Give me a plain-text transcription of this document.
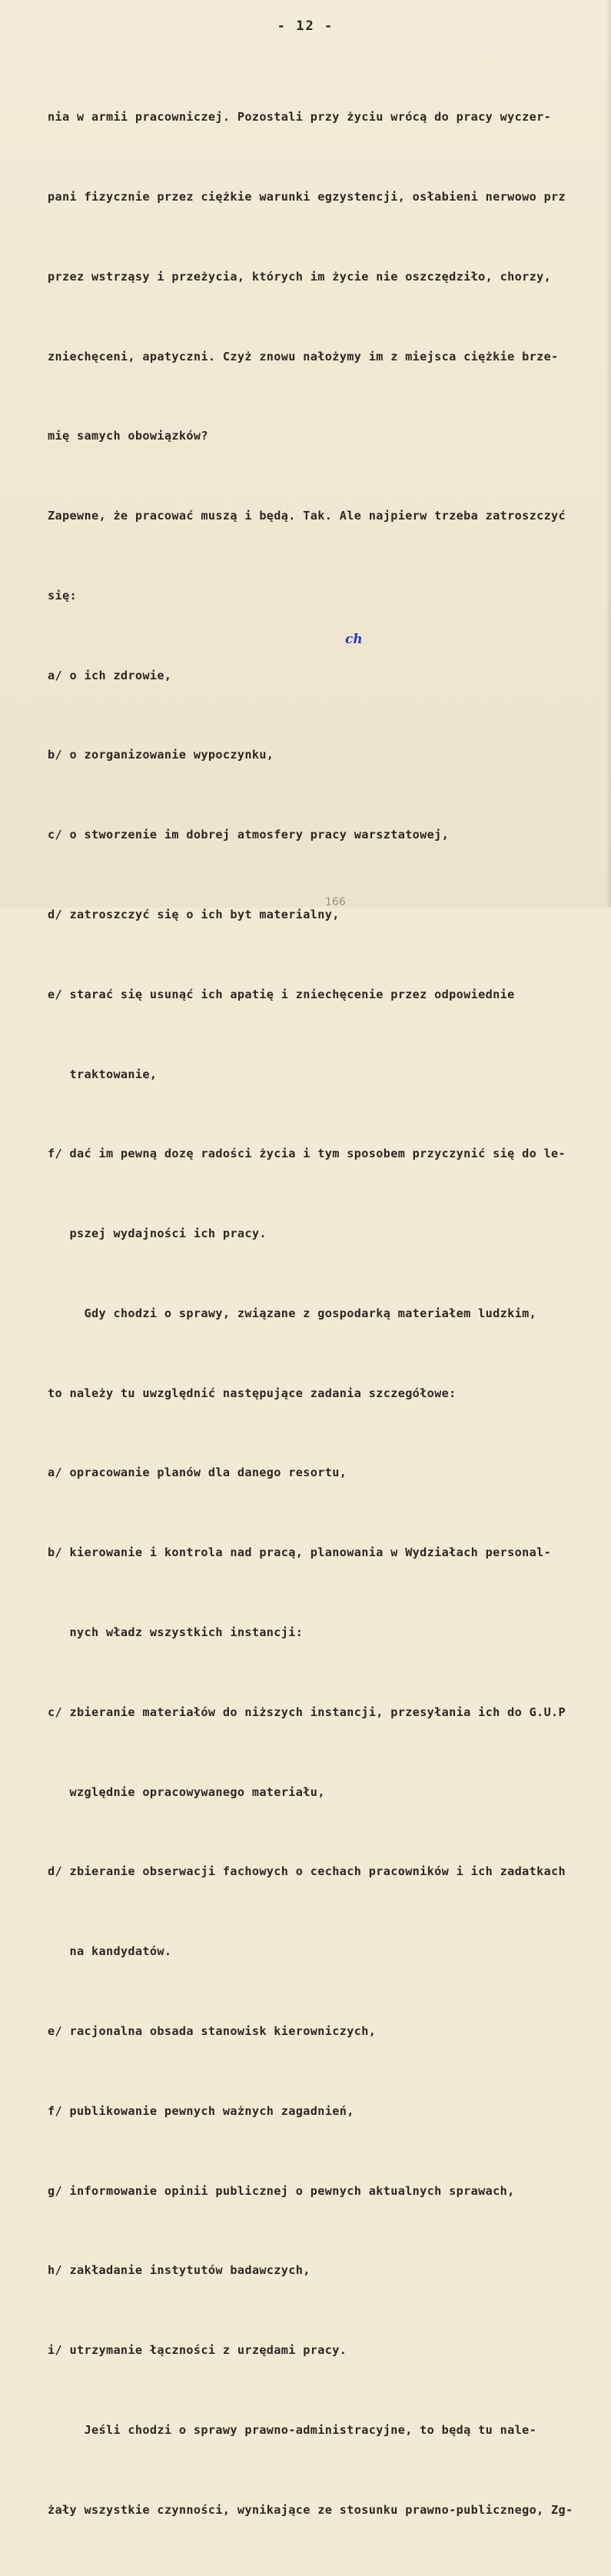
- 12 -

nia w armii pracowniczej. Pozostali przy życiu wrócą do pracy wyczer-

pani fizycznie przez ciężkie warunki egzystencji, osłabieni nerwowo prz

przez wstrząsy i przeżycia, których im życie nie oszczędziło, chorzy,

zniechęceni, apatyczni. Czyż znowu nałożymy im z miejsca ciężkie brze-

mię samych obowiązków?

Zapewne, że pracować muszą i będą. Tak. Ale najpierw trzeba zatroszczyć

się:

a/ o ich zdrowie,

b/ o zorganizowanie wypoczynku,

c/ o stworzenie im dobrej atmosfery pracy warsztatowej,

d/ zatroszczyć się o ich byt materialny,

e/ starać się usunąć ich apatię i zniechęcenie przez odpowiednie

traktowanie,

f/ dać im pewną dozę radości życia i tym sposobem przyczynić się do le-

pszej wydajności ich pracy.

Gdy chodzi o sprawy, związane z gospodarką materiałem ludzkim,

to należy tu uwzględnić następujące zadania szczegółowe:

a/ opracowanie planów dla danego resortu,

b/ kierowanie i kontrola nad pracą, planowania w Wydziałach personal-

nych władz wszystkich instancji:

c/ zbieranie materiałów do niższych instancji, przesyłania ich do G.U.P

względnie opracowywanego materiału,

d/ zbieranie obserwacji fachowych o cechach pracowników i ich zadatkach

na kandydatów.

e/ racjonalna obsada stanowisk kierowniczych,

f/ publikowanie pewnych ważnych zagadnień,

g/ informowanie opinii publicznej o pewnych aktualnych sprawach,

h/ zakładanie instytutów badawczych,

i/ utrzymanie łączności z urzędami pracy.

Jeśli chodzi o sprawy prawno-administracyjne, to będą tu nale-

żały wszystkie czynności, wynikające ze stosunku prawno-publicznego, Zg-

ch
166
